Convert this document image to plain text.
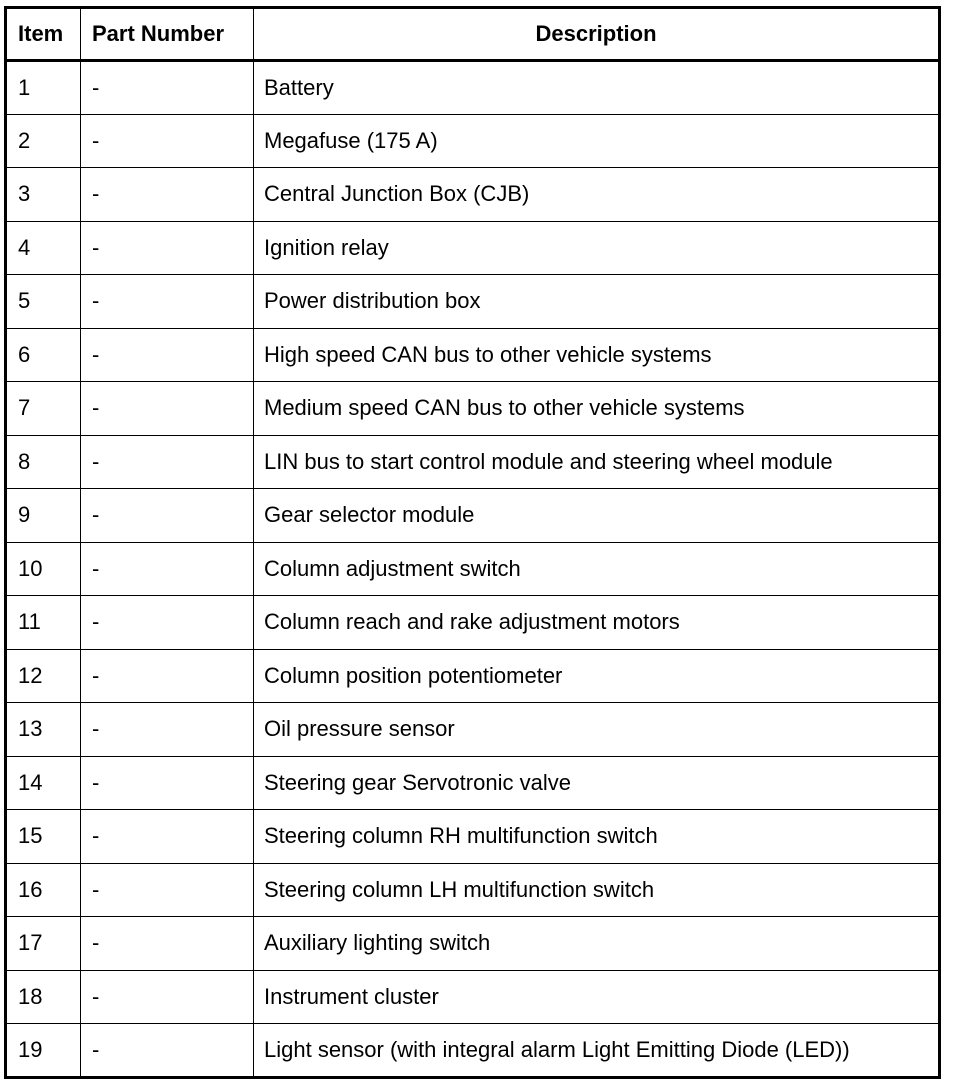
Item	Part Number	Description
1	-	Battery
2	-	Megafuse (175 A)
3	-	Central Junction Box (CJB)
4	-	Ignition relay
5	-	Power distribution box
6	-	High speed CAN bus to other vehicle systems
7	-	Medium speed CAN bus to other vehicle systems
8	-	LIN bus to start control module and steering wheel module
9	-	Gear selector module
10	-	Column adjustment switch
11	-	Column reach and rake adjustment motors
12	-	Column position potentiometer
13	-	Oil pressure sensor
14	-	Steering gear Servotronic valve
15	-	Steering column RH multifunction switch
16	-	Steering column LH multifunction switch
17	-	Auxiliary lighting switch
18	-	Instrument cluster
19	-	Light sensor (with integral alarm Light Emitting Diode (LED))
